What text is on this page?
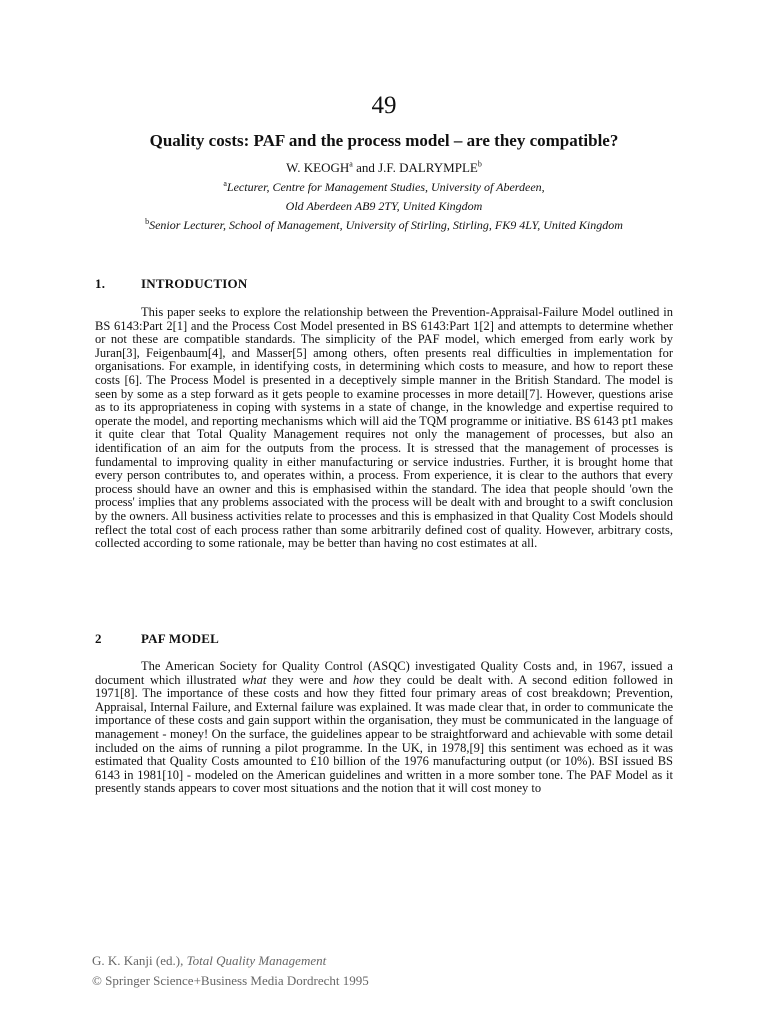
49
Quality costs: PAF and the process model – are they compatible?

W. KEOGH$^a$ and J.F. DALRYMPLE$^b$

$^a$Lecturer, Centre for Management Studies, University of Aberdeen,

Old Aberdeen AB9 2TY, United Kingdom

$^b$Senior Lecturer, School of Management, University of Stirling, Stirling, FK9 4LY, United Kingdom

1.	INTRODUCTION

This paper seeks to explore the relationship between the Prevention-Appraisal-Failure Model outlined in BS 6143:Part 2[1] and the Process Cost Model presented in BS 6143:Part 1[2] and attempts to determine whether or not these are compatible standards. The simplicity of the PAF model, which emerged from early work by Juran[3], Feigenbaum[4], and Masser[5] among others, often presents real difficulties in implementation for organisations. For example, in identifying costs, in determining which costs to measure, and how to report these costs [6]. The Process Model is presented in a deceptively simple manner in the British Standard. The model is seen by some as a step forward as it gets people to examine processes in more detail[7]. However, questions arise as to its appropriateness in coping with systems in a state of change, in the knowledge and expertise required to operate the model, and reporting mechanisms which will aid the TQM programme or initiative. BS 6143 pt1 makes it quite clear that Total Quality Management requires not only the management of processes, but also an identification of an aim for the outputs from the process. It is stressed that the management of processes is fundamental to improving quality in either manufacturing or service industries. Further, it is brought home that every person contributes to, and operates within, a process. From experience, it is clear to the authors that every process should have an owner and this is emphasised within the standard. The idea that people should 'own the process' implies that any problems associated with the process will be dealt with and brought to a swift conclusion by the owners. All business activities relate to processes and this is emphasized in that Quality Cost Models should reflect the total cost of each process rather than some arbitrarily defined cost of quality. However, arbitrary costs, collected according to some rationale, may be better than having no cost estimates at all.

2	PAF MODEL

The American Society for Quality Control (ASQC) investigated Quality Costs and, in 1967, issued a document which illustrated what they were and how they could be dealt with. A second edition followed in 1971[8]. The importance of these costs and how they fitted four primary areas of cost breakdown; Prevention, Appraisal, Internal Failure, and External failure was explained. It was made clear that, in order to communicate the importance of these costs and gain support within the organisation, they must be communicated in the language of management - money! On the surface, the guidelines appear to be straightforward and achievable with some detail included on the aims of running a pilot programme. In the UK, in 1978,[9] this sentiment was echoed as it was estimated that Quality Costs amounted to £10 billion of the 1976 manufacturing output (or 10%). BSI issued BS 6143 in 1981[10] - modeled on the American guidelines and written in a more somber tone. The PAF Model as it presently stands appears to cover most situations and the notion that it will cost money to

G. K. Kanji (ed.), Total Quality Management

© Springer Science+Business Media Dordrecht 1995
